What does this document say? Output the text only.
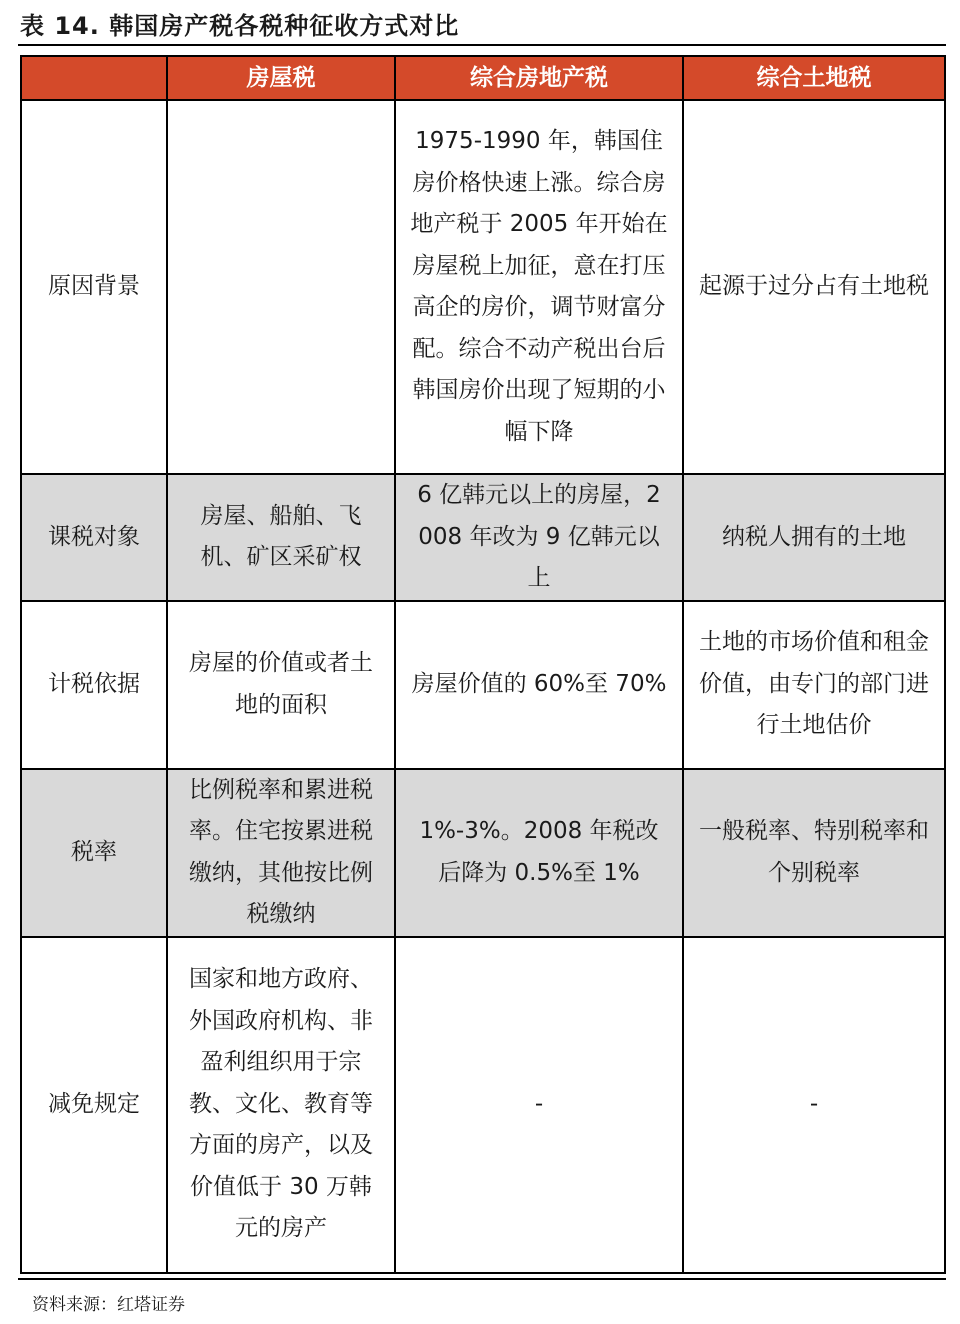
表 14. 韩国房产税各税种征收方式对比
	房屋税	综合房地产税	综合土地税
原因背景		1975-1990 年，韩国住房价格快速上涨。综合房地产税于 2005 年开始在房屋税上加征，意在打压高企的房价，调节财富分配。综合不动产税出台后韩国房价出现了短期的小幅下降	起源于过分占有土地税
课税对象	房屋、船舶、飞机、矿区采矿权	6 亿韩元以上的房屋，2008 年改为 9 亿韩元以上	纳税人拥有的土地
计税依据	房屋的价值或者土地的面积	房屋价值的 60%至 70%	土地的市场价值和租金价值，由专门的部门进行土地估价
税率	比例税率和累进税率。住宅按累进税缴纳，其他按比例税缴纳	1%-3%。2008 年税改后降为 0.5%至 1%	一般税率、特别税率和个别税率
减免规定	国家和地方政府、外国政府机构、非盈利组织用于宗教、文化、教育等方面的房产，以及价值低于 30 万韩元的房产	-	-
资料来源：红塔证券
